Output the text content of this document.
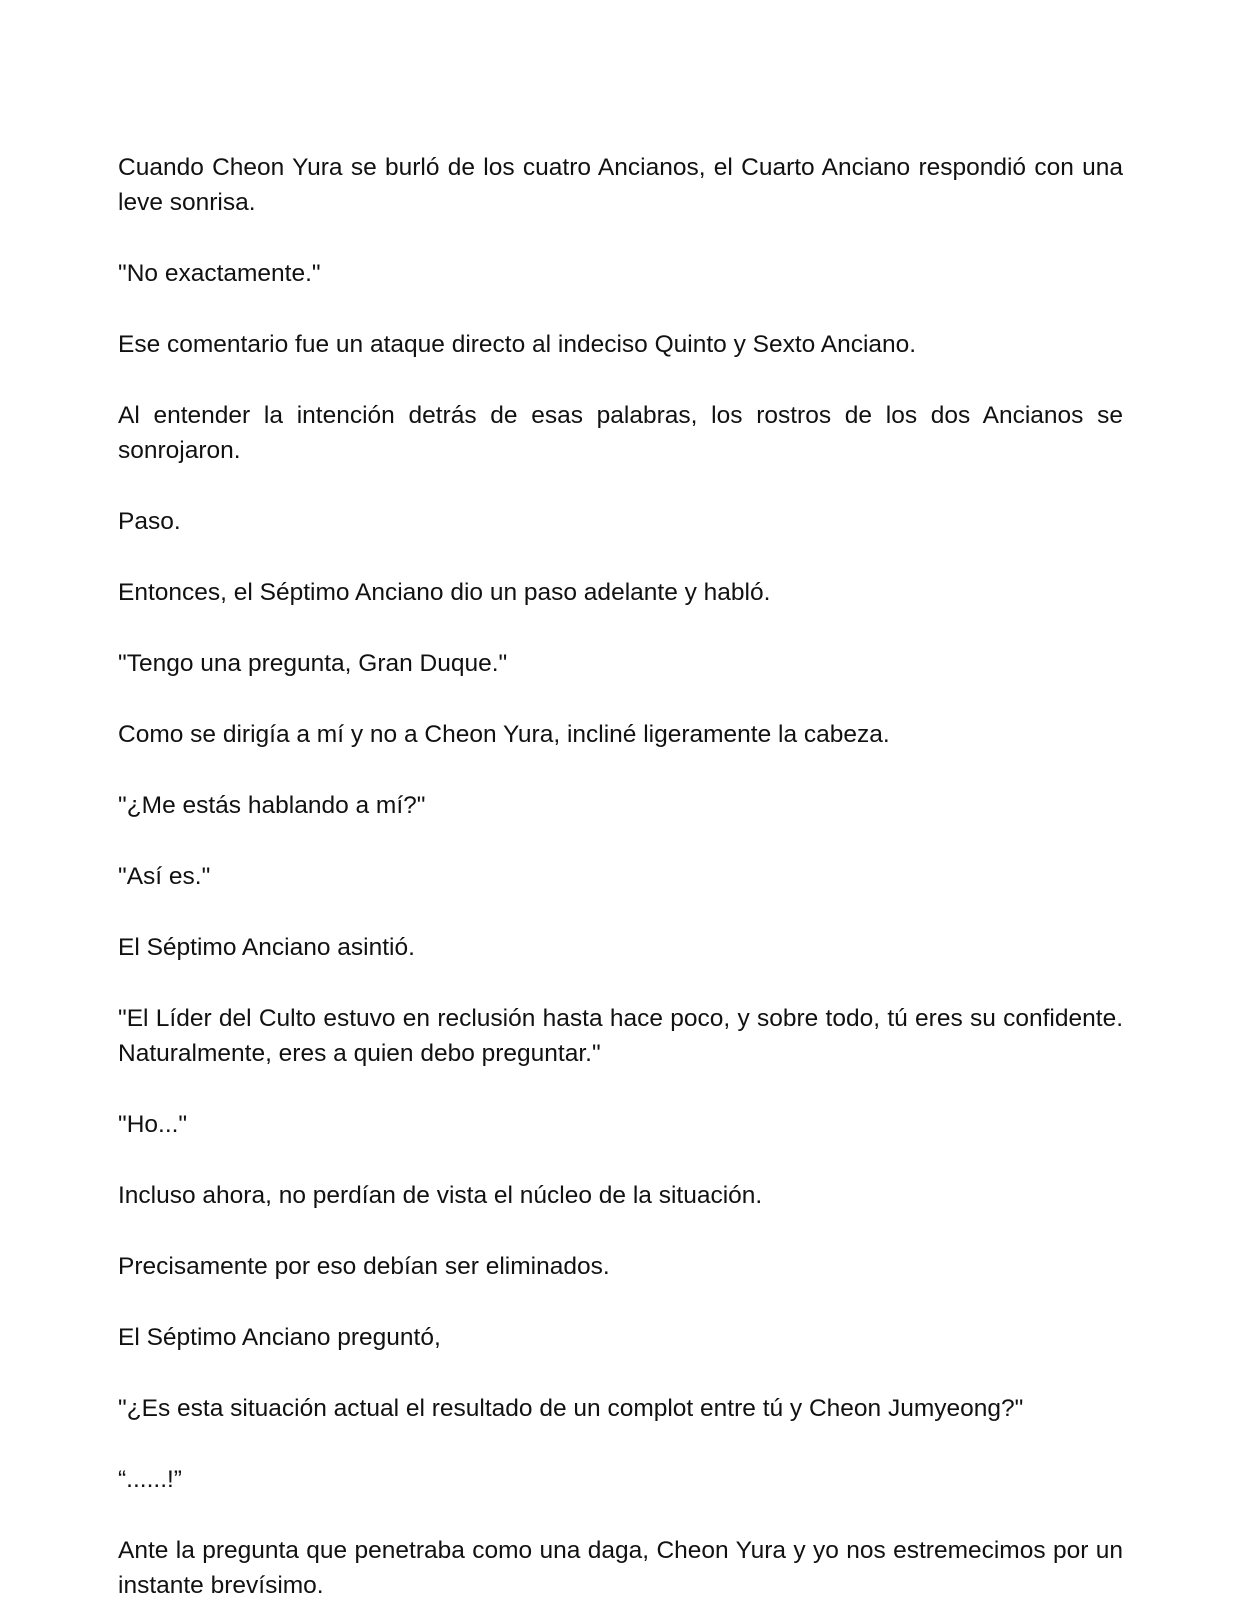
Cuando Cheon Yura se burló de los cuatro Ancianos, el Cuarto Anciano respondió con una leve sonrisa.

"No exactamente."

Ese comentario fue un ataque directo al indeciso Quinto y Sexto Anciano.

Al entender la intención detrás de esas palabras, los rostros de los dos Ancianos se sonrojaron.

Paso.

Entonces, el Séptimo Anciano dio un paso adelante y habló.

"Tengo una pregunta, Gran Duque."

Como se dirigía a mí y no a Cheon Yura, incliné ligeramente la cabeza.

"¿Me estás hablando a mí?"

"Así es."

El Séptimo Anciano asintió.

"El Líder del Culto estuvo en reclusión hasta hace poco, y sobre todo, tú eres su confidente. Naturalmente, eres a quien debo preguntar."

"Ho..."

Incluso ahora, no perdían de vista el núcleo de la situación.

Precisamente por eso debían ser eliminados.

El Séptimo Anciano preguntó,

"¿Es esta situación actual el resultado de un complot entre tú y Cheon Jumyeong?"

“......!”

Ante la pregunta que penetraba como una daga, Cheon Yura y yo nos estremecimos por un instante brevísimo.
